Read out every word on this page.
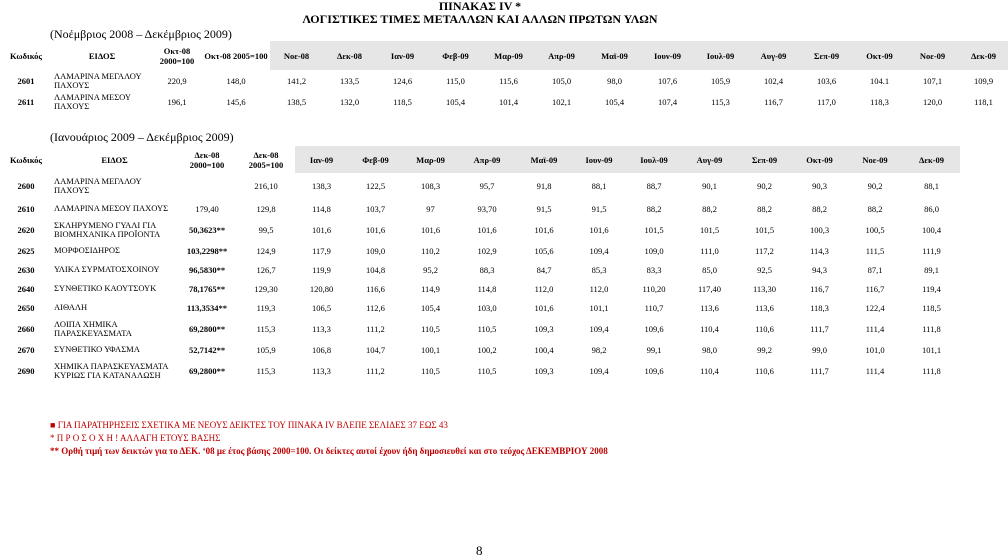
ΠΙΝΑΚΑΣ IV *
ΛΟΓΙΣΤΙΚΕΣ ΤΙΜΕΣ ΜΕΤΑΛΛΩΝ ΚΑΙ ΑΛΛΩΝ ΠΡΩΤΩΝ ΥΛΩΝ
(Νοέμβριος 2008 – Δεκέμβριος 2009)
Κωδικός	ΕΙΔΟΣ	Οκτ-08 2000=100	Οκτ-08 2005=100	Νοε-08	Δεκ-08	Ιαν-09	Φεβ-09	Μαρ-09	Απρ-09	Μαϊ-09	Ιουν-09	Ιουλ-09	Αυγ-09	Σεπ-09	Οκτ-09	Νοε-09	Δεκ-09
2601	ΛΑΜΑΡΙΝΑ ΜΕΓΑΛΟΥ ΠΑΧΟΥΣ	220,9	148,0	141,2	133,5	124,6	115,0	115,6	105,0	98,0	107,6	105,9	102,4	103,6	104.1	107,1	109,9
2611	ΛΑΜΑΡΙΝΑ ΜΕΣΟΥ ΠΑΧΟΥΣ	196,1	145,6	138,5	132,0	118,5	105,4	101,4	102,1	105,4	107,4	115,3	116,7	117,0	118,3	120,0	118,1
(Ιανουάριος 2009 – Δεκέμβριος 2009)
Κωδικός	ΕΙΔΟΣ	Δεκ-08 2000=100	Δεκ-08 2005=100	Ιαν-09	Φεβ-09	Μαρ-09	Απρ-09	Μαϊ-09	Ιουν-09	Ιουλ-09	Αυγ-09	Σεπ-09	Οκτ-09	Νοε-09	Δεκ-09	
2600	ΛΑΜΑΡΙΝΑ ΜΕΓΑΛΟΥ ΠΑΧΟΥΣ		216,10	138,3	122,5	108,3	95,7	91,8	88,1	88,7	90,1	90,2	90,3	90,2	88,1	
2610	ΛΑΜΑΡΙΝΑ ΜΕΣΟΥ ΠΑΧΟΥΣ	179,40	129,8	114,8	103,7	97	93,70	91,5	91,5	88,2	88,2	88,2	88,2	88,2	86,0	
2620	ΣΚΛΗΡΥΜΕΝΟ ΓΥΑΛΙ ΓΙΑ ΒΙΟΜΗΧΑΝΙΚΑ ΠΡΟΪΟΝΤΑ	50,3623**	99,5	101,6	101,6	101,6	101,6	101,6	101,6	101,5	101,5	101,5	100,3	100,5	100,4	
2625	ΜΟΡΦΟΣΙΔΗΡΟΣ	103,2298**	124,9	117,9	109,0	110,2	102,9	105,6	109,4	109,0	111,0	117,2	114,3	111,5	111,9	
2630	ΥΛΙΚΑ ΣΥΡΜΑΤΟΣΧΟΙΝΟΥ	96,5830**	126,7	119,9	104,8	95,2	88,3	84,7	85,3	83,3	85,0	92,5	94,3	87,1	89,1	
2640	ΣΥΝΘΕΤΙΚΟ ΚΑΟΥΤΣΟΥΚ	78,1765**	129,30	120,80	116,6	114,9	114,8	112,0	112,0	110,20	117,40	113,30	116,7	116,7	119,4	
2650	ΑΙΘΑΛΗ	113,3534**	119,3	106,5	112,6	105,4	103,0	101,6	101,1	110,7	113,6	113,6	118,3	122,4	118,5	
2660	ΛΟΙΠΑ ΧΗΜΙΚΑ ΠΑΡΑΣΚΕΥΑΣΜΑΤΑ	69,2800**	115,3	113,3	111,2	110,5	110,5	109,3	109,4	109,6	110,4	110,6	111,7	111,4	111,8	
2670	ΣΥΝΘΕΤΙΚΟ ΥΦΑΣΜΑ	52,7142**	105,9	106,8	104,7	100,1	100,2	100,4	98,2	99,1	98,0	99,2	99,0	101,0	101,1	
2690	ΧΗΜΙΚΑ ΠΑΡΑΣΚΕΥΑΣΜΑΤΑ ΚΥΡΙΩΣ ΓΙΑ ΚΑΤΑΝΑΛΩΣΗ	69,2800**	115,3	113,3	111,2	110,5	110,5	109,3	109,4	109,6	110,4	110,6	111,7	111,4	111,8	
■ ΓΙΑ ΠΑΡΑΤΗΡΗΣΕΙΣ ΣΧΕΤΙΚΑ ΜΕ ΝΕΟΥΣ ΔΕΙΚΤΕΣ ΤΟΥ ΠΙΝΑΚΑ IV ΒΛΕΠΕ ΣΕΛΙΔΕΣ 37 ΕΩΣ 43
* Π Ρ Ο Σ Ο Χ Η ! ΑΛΛΑΓΗ ΕΤΟΥΣ ΒΑΣΗΣ
** Ορθή τιμή των δεικτών για το ΔΕΚ. ‘08 με έτος βάσης 2000=100. Οι δείκτες αυτοί έχουν ήδη δημοσιευθεί και στο τεύχος ΔΕΚΕΜΒΡΙΟΥ 2008
8
